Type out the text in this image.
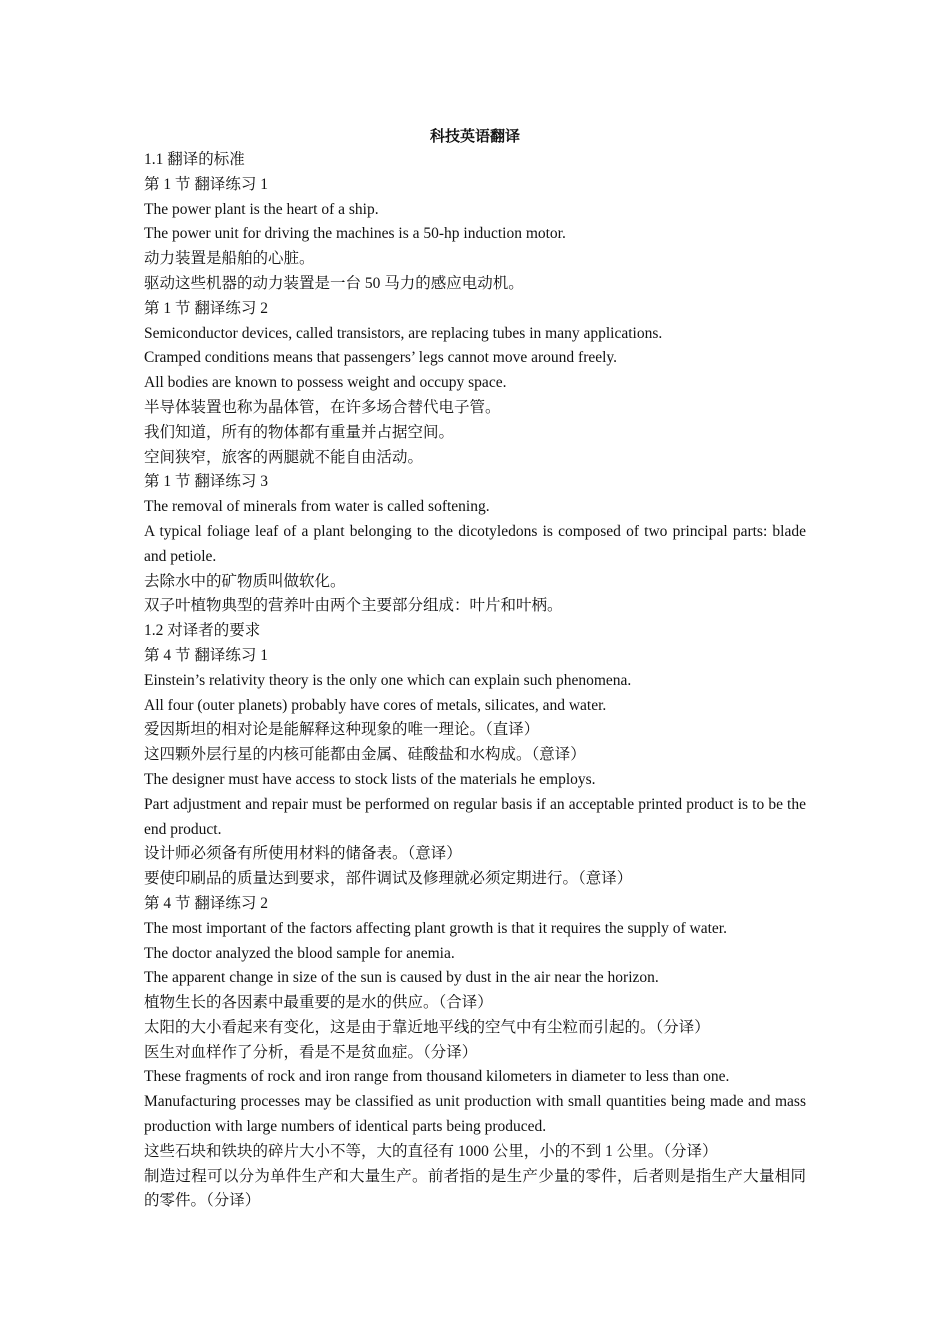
科技英语翻译
1.1 翻译的标准
第 1 节 翻译练习 1
The power plant is the heart of a ship.
The power unit for driving the machines is a 50-hp induction motor.
动力装置是船舶的心脏。
驱动这些机器的动力装置是一台 50 马力的感应电动机。
第 1 节 翻译练习 2
Semiconductor devices, called transistors, are replacing tubes in many applications.
Cramped conditions means that passengers’ legs cannot move around freely.
All bodies are known to possess weight and occupy space.
半导体装置也称为晶体管，在许多场合替代电子管。
我们知道，所有的物体都有重量并占据空间。
空间狭窄，旅客的两腿就不能自由活动。
第 1 节 翻译练习 3
The removal of minerals from water is called softening.
A typical foliage leaf of a plant belonging to the dicotyledons is composed of two principal parts: blade and petiole.
去除水中的矿物质叫做软化。
双子叶植物典型的营养叶由两个主要部分组成：叶片和叶柄。
1.2 对译者的要求
第 4 节 翻译练习 1
Einstein’s relativity theory is the only one which can explain such phenomena.
All four (outer planets) probably have cores of metals, silicates, and water.
爱因斯坦的相对论是能解释这种现象的唯一理论。（直译）
这四颗外层行星的内核可能都由金属、硅酸盐和水构成。（意译）
The designer must have access to stock lists of the materials he employs.
Part adjustment and repair must be performed on regular basis if an acceptable printed product is to be the end product.
设计师必须备有所使用材料的储备表。（意译）
要使印刷品的质量达到要求，部件调试及修理就必须定期进行。（意译）
第 4 节 翻译练习 2
The most important of the factors affecting plant growth is that it requires the supply of water.
The doctor analyzed the blood sample for anemia.
The apparent change in size of the sun is caused by dust in the air near the horizon.
植物生长的各因素中最重要的是水的供应。（合译）
太阳的大小看起来有变化，这是由于靠近地平线的空气中有尘粒而引起的。（分译）
医生对血样作了分析，看是不是贫血症。（分译）
These fragments of rock and iron range from thousand kilometers in diameter to less than one.
Manufacturing processes may be classified as unit production with small quantities being made and mass production with large numbers of identical parts being produced.
这些石块和铁块的碎片大小不等，大的直径有 1000 公里，小的不到 1 公里。（分译）
制造过程可以分为单件生产和大量生产。前者指的是生产少量的零件，后者则是指生产大量相同的零件。（分译）
